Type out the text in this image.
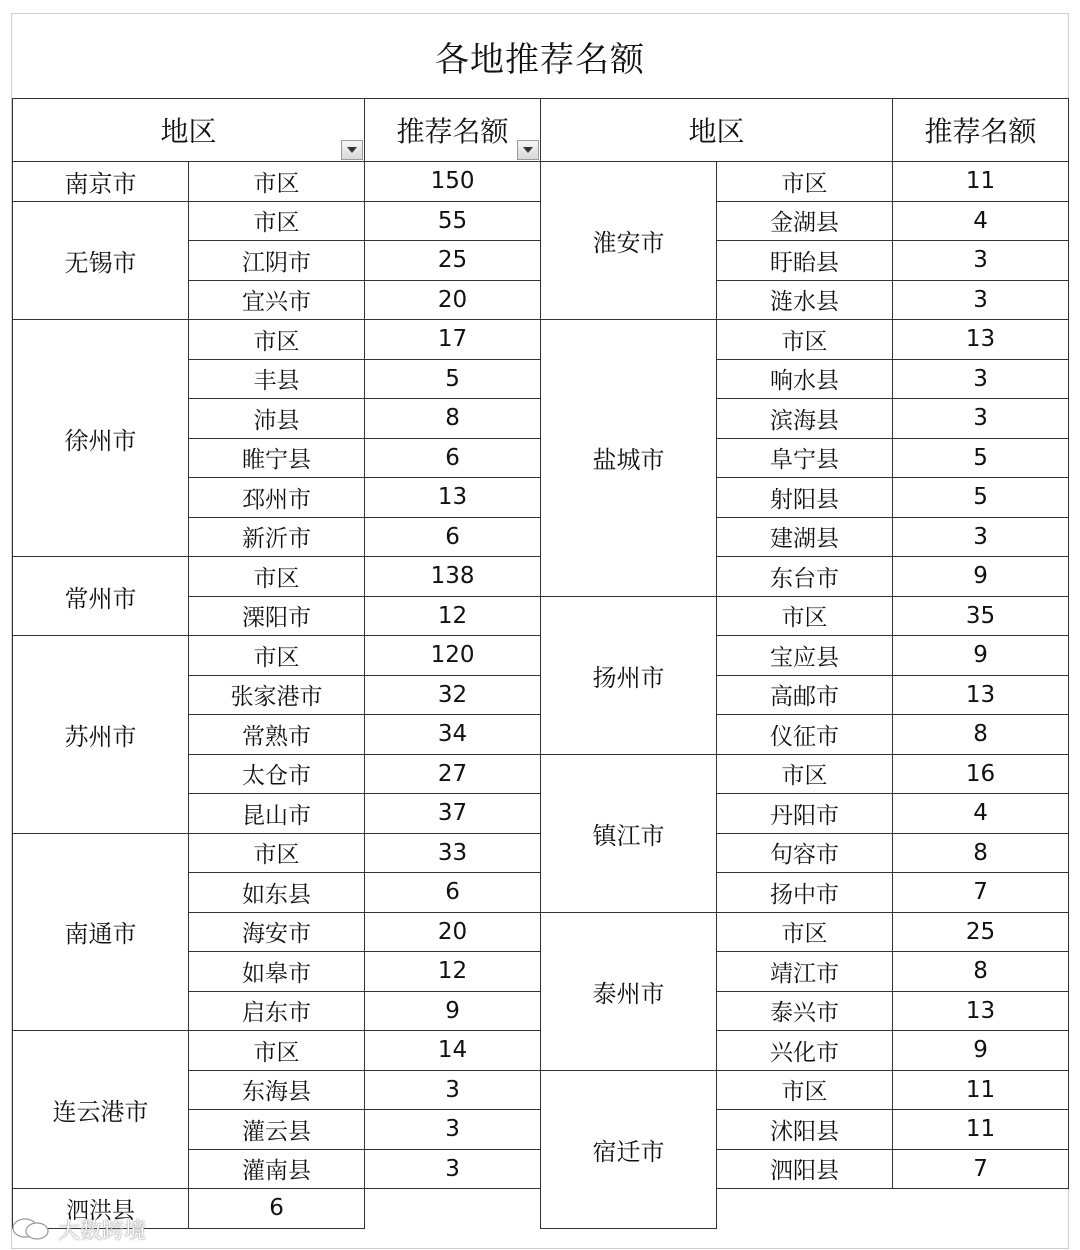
各地推荐名额
地区		推荐名额	地区		推荐名额
南京市	市区	150	淮安市	市区	11
无锡市	市区	55		金湖县	4
	江阴市	25		盱眙县	3
	宜兴市	20		涟水县	3
徐州市	市区	17	盐城市	市区	13
	丰县	5		响水县	3
	沛县	8		滨海县	3
	睢宁县	6		阜宁县	5
	邳州市	13		射阳县	5
	新沂市	6		建湖县	3
常州市	市区	138		东台市	9
	溧阳市	12	扬州市	市区	35
苏州市	市区	120		宝应县	9
	张家港市	32		高邮市	13
	常熟市	34		仪征市	8
	太仓市	27	镇江市	市区	16
	昆山市	37		丹阳市	4
南通市	市区	33		句容市	8
	如东县	6		扬中市	7
	海安市	20	泰州市	市区	25
	如皋市	12		靖江市	8
	启东市	9		泰兴市	13
连云港市	市区	14		兴化市	9
	东海县	3	宿迁市	市区	11
	灌云县	3		沭阳县	11
	灌南县	3		泗阳县	7
泗洪县	6				
大数跨境
